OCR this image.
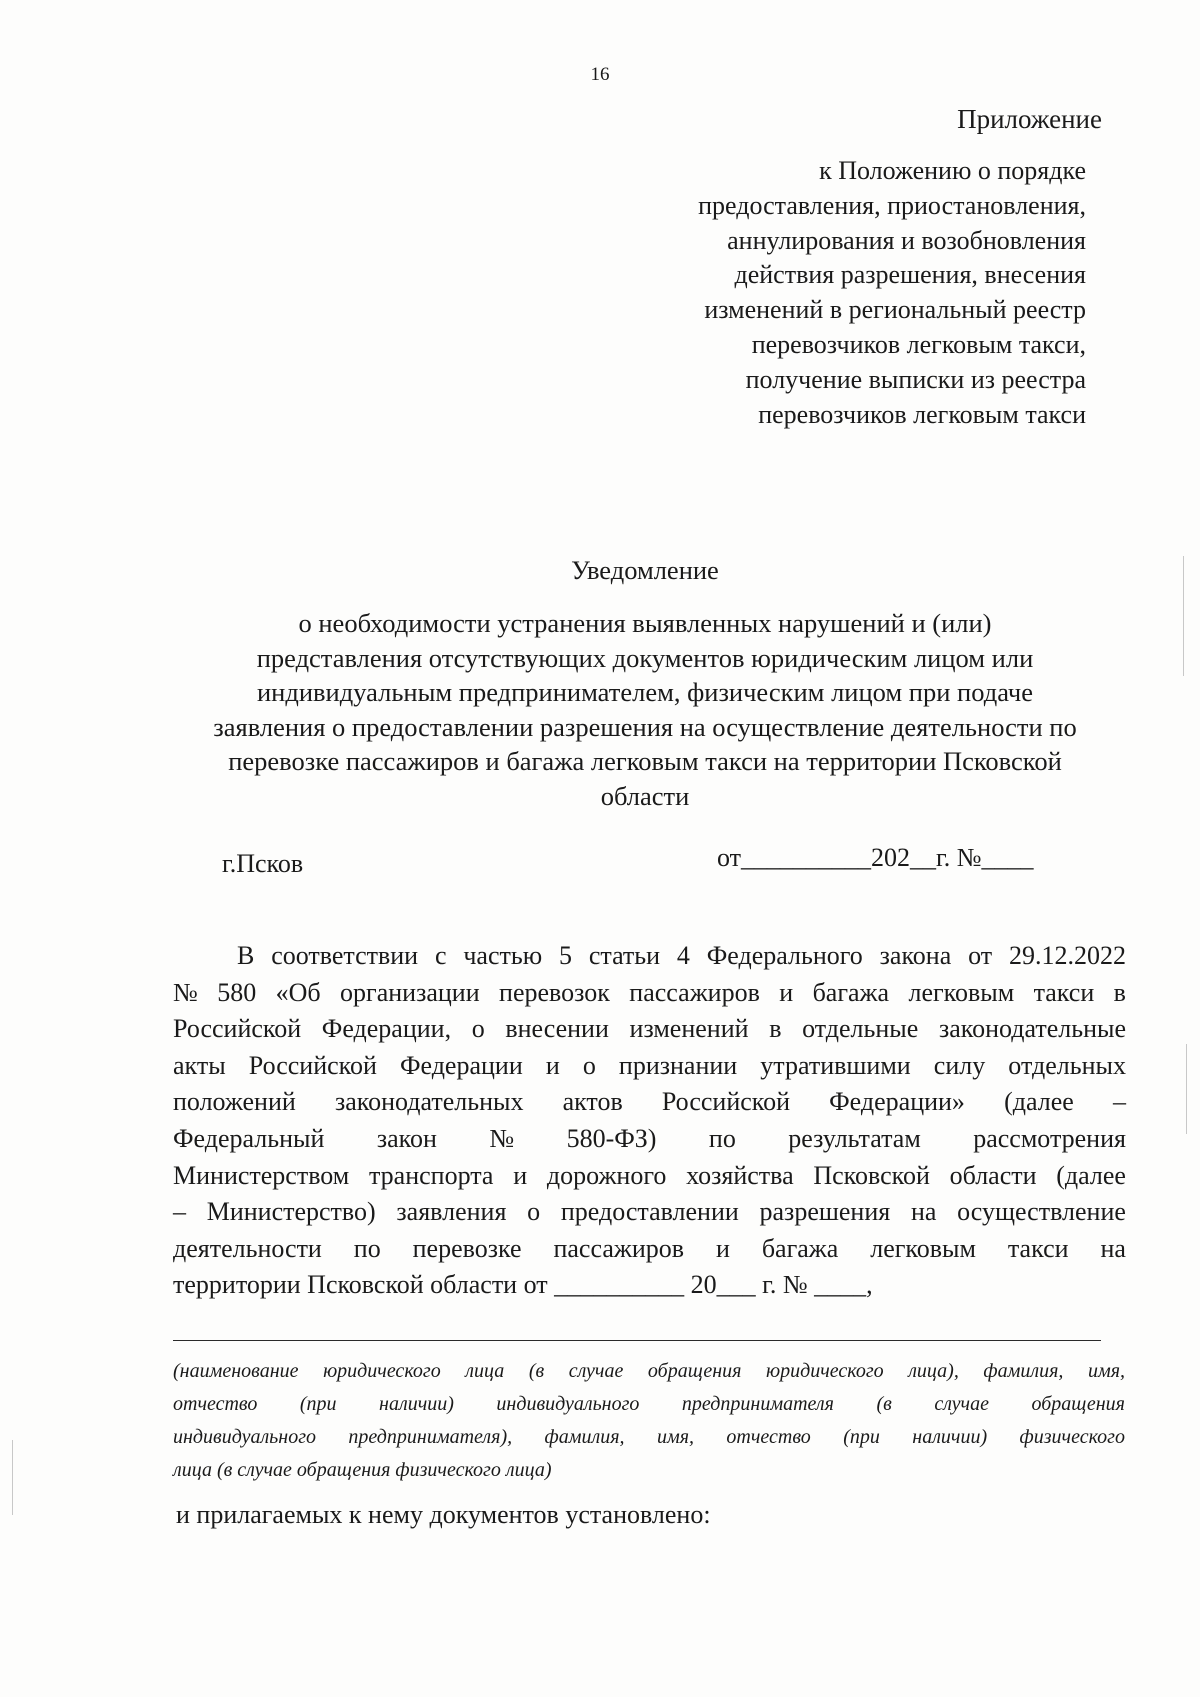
16
Приложение
к Положению о порядке
предоставления, приостановления,
аннулирования и возобновления
действия разрешения, внесения
изменений в региональный реестр
перевозчиков легковым такси,
получение выписки из реестра
перевозчиков легковым такси
Уведомление
о необходимости устранения выявленных нарушений и (или)
представления отсутствующих документов юридическим лицом или
индивидуальным предпринимателем, физическим лицом при подаче
заявления о предоставлении разрешения на осуществление деятельности по
перевозке пассажиров и багажа легковым такси на территории Псковской
области
г.Псков	от__________202__г. №____
В соответствии с частью 5 статьи 4 Федерального закона от 29.12.2022
№ 580 «Об организации перевозок пассажиров и багажа легковым такси в
Российской Федерации, о внесении изменений в отдельные законодательные
акты Российской Федерации и о признании утратившими силу отдельных
положений законодательных актов Российской Федерации» (далее –
Федеральный закон № 580-ФЗ) по результатам рассмотрения
Министерством транспорта и дорожного хозяйства Псковской области (далее
– Министерство) заявления о предоставлении разрешения на осуществление
деятельности по перевозке пассажиров и багажа легковым такси на
территории Псковской области от __________ 20___ г. № ____,
(наименование юридического лица (в случае обращения юридического лица), фамилия, имя,
отчество (при наличии) индивидуального предпринимателя (в случае обращения
индивидуального предпринимателя), фамилия, имя, отчество (при наличии) физического
лица (в случае обращения физического лица)
и прилагаемых к нему документов установлено:
